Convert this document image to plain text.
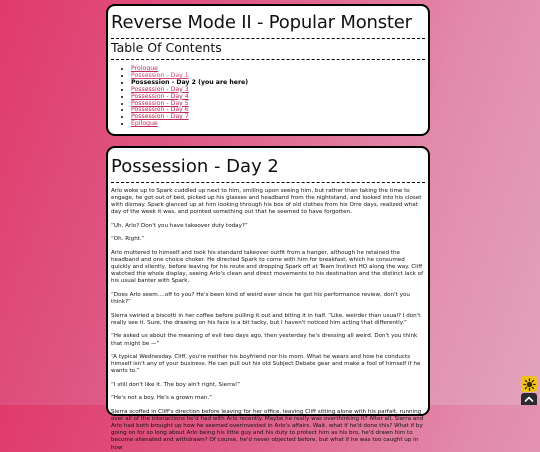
Reverse Mode II - Popular Monster
Table Of Contents
• Prologue
• Possession - Day 1
• Possession - Day 2 (you are here)
• Possession - Day 3
• Possession - Day 4
• Possession - Day 5
• Possession - Day 6
• Possession - Day 7
• Epilogue
Possession - Day 2

Arlo woke up to Spark cuddled up next to him, smiling upon seeing him, but rather than taking the time to engage, he got out of bed, picked up his glasses and headband from the nightstand, and looked into his closet with dismay. Spark glanced up at him looking through his box of old clothes from his Orre days, realized what day of the week it was, and pointed something out that he seemed to have forgotten.

“Uh, Arlo? Don't you have takeover duty today?”

“Oh. Right.”

Arlo muttered to himself and took his standard takeover outfit from a hanger, although he retained the headband and one choice choker. He directed Spark to come with him for breakfast, which he consumed quickly and silently, before leaving for his route and dropping Spark off at Team Instinct HQ along the way. Cliff watched the whole display, seeing Arlo's clean and direct movements to his destination and the distinct lack of his usual banter with Spark.

“Does Arlo seem....off to you? He's been kind of weird ever since he got his performance review, don't you think?”

Sierra swirled a biscotti in her coffee before pulling it out and biting it in half. “Like, weirder than usual? I don't really see it. Sure, the drawing on his face is a bit tacky, but I haven't noticed him acting that differently.”

“He asked us about the meaning of evil two days ago, then yesterday he's dressing all weird. Don't you think that might be —”

“A typical Wednesday. Cliff, you're neither his boyfriend nor his mom. What he wears and how he conducts himself isn't any of your business. He can pull out his old Subject Debate gear and make a fool of himself if he wants to.”

“I still don't like it. The boy ain't right, Sierra!”

“He's not a boy. He's a grown man.”

Sierra scoffed in Cliff's direction before leaving for her office, leaving Cliff sitting alone with his parfait, running over all of the interactions he'd had with Arlo recently. Maybe he really was overthinking it? After all, Sierra and Arlo had both brought up how he seemed overinvested in Arlo's affairs. Wait, what if he'd done this? What if by going on for so long about Arlo being his little guy and his duty to protect him as his bro, he'd drawn him to become alienated and withdrawn? Of course, he'd never objected before, but what if he was too caught up in how
